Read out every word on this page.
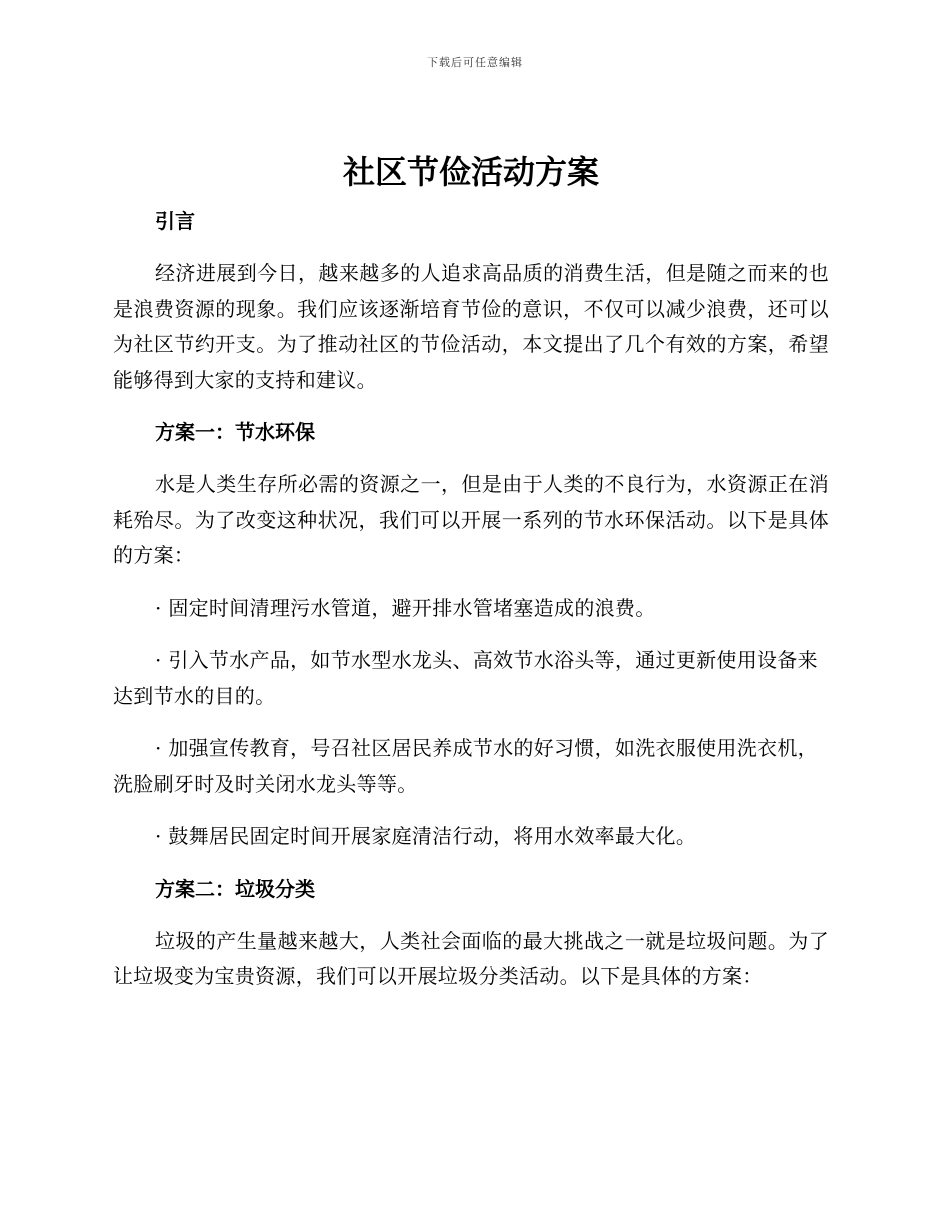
下载后可任意编辑
社区节俭活动方案
引言

经济进展到今日，越来越多的人追求高品质的消费生活，但是随之而来的也是浪费资源的现象。我们应该逐渐培育节俭的意识，不仅可以减少浪费，还可以为社区节约开支。为了推动社区的节俭活动，本文提出了几个有效的方案，希望能够得到大家的支持和建议。

方案一：节水环保

水是人类生存所必需的资源之一，但是由于人类的不良行为，水资源正在消耗殆尽。为了改变这种状况，我们可以开展一系列的节水环保活动。以下是具体的方案：

· 固定时间清理污水管道，避开排水管堵塞造成的浪费。

· 引入节水产品，如节水型水龙头、高效节水浴头等，通过更新使用设备来达到节水的目的。

· 加强宣传教育，号召社区居民养成节水的好习惯，如洗衣服使用洗衣机，洗脸刷牙时及时关闭水龙头等等。

· 鼓舞居民固定时间开展家庭清洁行动，将用水效率最大化。

方案二：垃圾分类

垃圾的产生量越来越大，人类社会面临的最大挑战之一就是垃圾问题。为了让垃圾变为宝贵资源，我们可以开展垃圾分类活动。以下是具体的方案：
